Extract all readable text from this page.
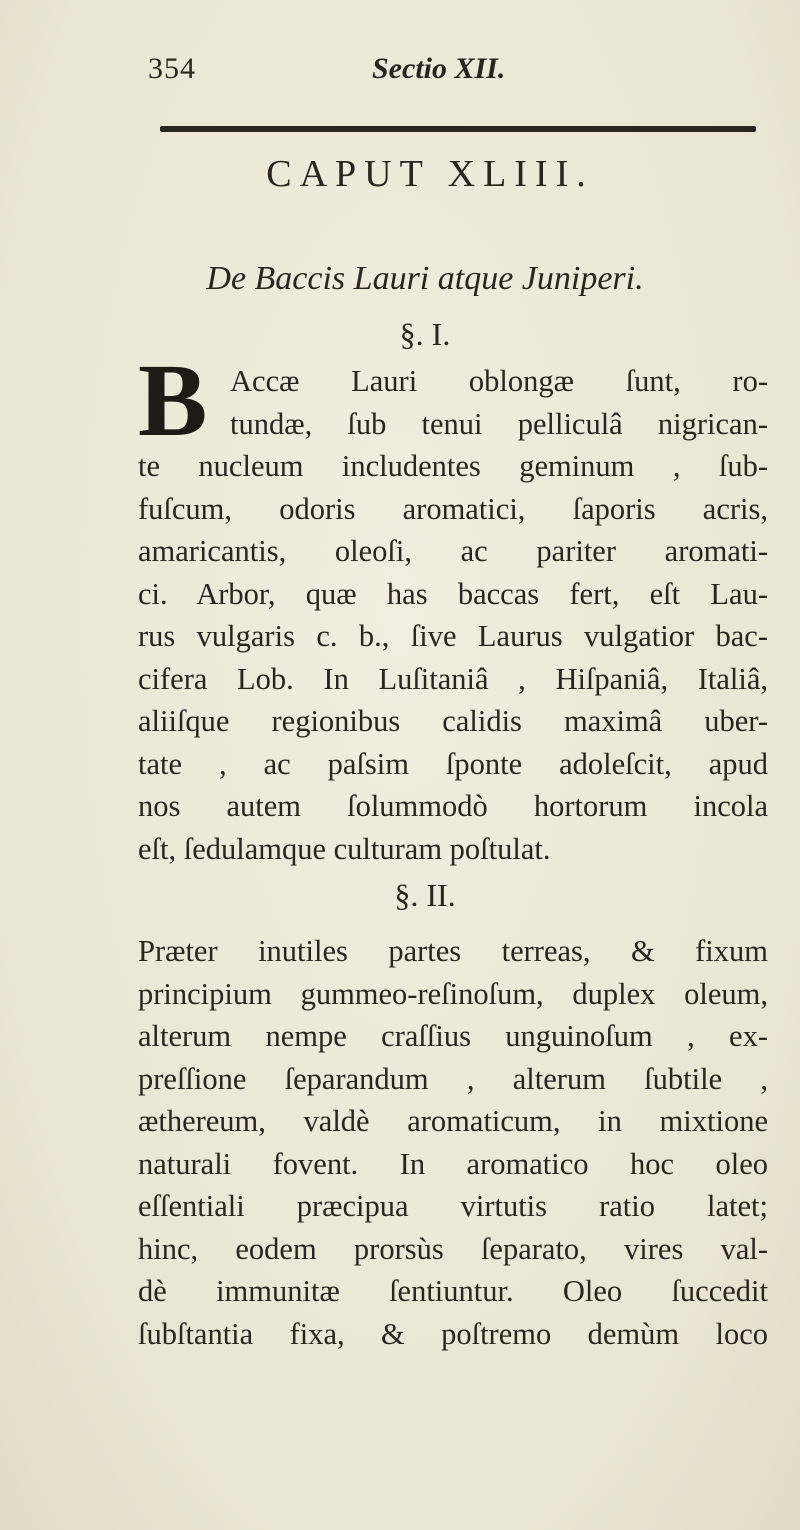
354	Sectio XII.
CAPUT XLIII.
De Baccis Lauri atque Juniperi.
§. I.
B Accæ Lauri oblongæ ſunt, ro-
tundæ, ſub tenui pelliculâ nigrican-
te nucleum includentes geminum , ſub-
fuſcum, odoris aromatici, ſaporis acris,
amaricantis, oleoſi, ac pariter aromati-
ci. Arbor, quæ has baccas fert, eſt Lau-
rus vulgaris c. b., ſive Laurus vulgatior bac-
cifera Lob. In Luſitaniâ , Hiſpaniâ, Italiâ,
aliiſque regionibus calidis maximâ uber-
tate , ac paſsim ſponte adoleſcit, apud
nos autem ſolummodò hortorum incola
eſt, ſedulamque culturam poſtulat.
§. II.
Præter inutiles partes terreas, & fixum
principium gummeo-reſinoſum, duplex oleum,
alterum nempe craſſius unguinoſum , ex-
preſſione ſeparandum , alterum ſubtile ,
æthereum, valdè aromaticum, in mixtione
naturali fovent. In aromatico hoc oleo
eſſentiali præcipua virtutis ratio latet;
hinc, eodem prorsùs ſeparato, vires val-
dè immunitæ ſentiuntur. Oleo ſuccedit
ſubſtantia fixa, & poſtremo demùm loco
